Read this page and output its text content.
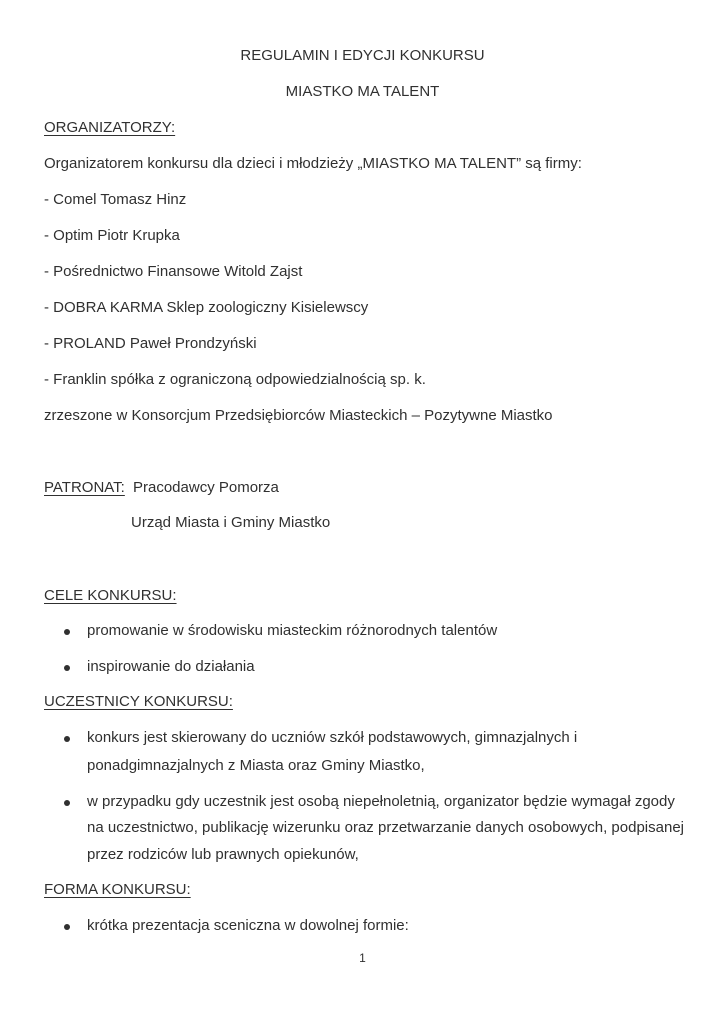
REGULAMIN I EDYCJI KONKURSU
MIASTKO MA TALENT
ORGANIZATORZY:
Organizatorem konkursu dla dzieci i młodzieży „MIASTKO MA TALENT” są firmy:
- Comel Tomasz Hinz
- Optim Piotr Krupka
- Pośrednictwo Finansowe Witold Zajst
- DOBRA KARMA Sklep zoologiczny Kisielewscy
- PROLAND Paweł Prondzyński
- Franklin spółka z ograniczoną odpowiedzialnością sp. k.
zrzeszone w Konsorcjum Przedsiębiorców Miasteckich – Pozytywne Miastko
PATRONAT: Pracodawcy Pomorza
Urząd Miasta i Gminy Miastko
CELE KONKURSU:
promowanie w środowisku miasteckim różnorodnych talentów
inspirowanie do działania
UCZESTNICY KONKURSU:
konkurs jest skierowany do uczniów szkół podstawowych, gimnazjalnych i
ponadgimnazjalnych z Miasta oraz Gminy Miastko,
w przypadku gdy uczestnik jest osobą niepełnoletnią, organizator będzie wymagał zgody
na uczestnictwo, publikację wizerunku oraz przetwarzanie danych osobowych, podpisanej
przez rodziców lub prawnych opiekunów,
FORMA KONKURSU:
krótka prezentacja sceniczna w dowolnej formie:
1
